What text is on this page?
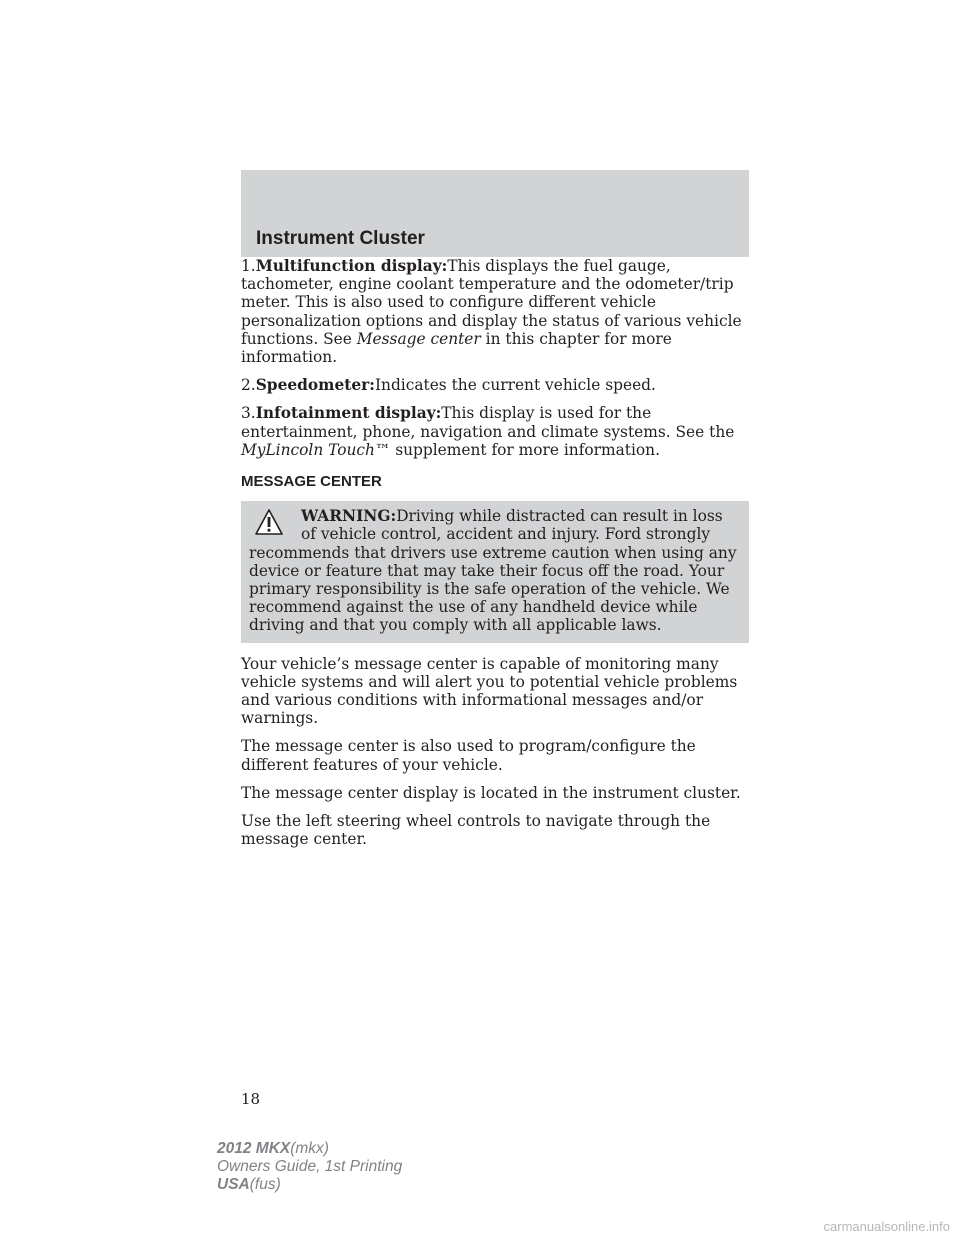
Instrument Cluster

1.Multifunction display:This displays the fuel gauge, tachometer, engine coolant temperature and the odometer/trip meter. This is also used to configure different vehicle personalization options and display the status of various vehicle functions. See Message center in this chapter for more information.

2.Speedometer:Indicates the current vehicle speed.

3.Infotainment display:This display is used for the entertainment, phone, navigation and climate systems. See the MyLincoln Touch™ supplement for more information.

MESSAGE CENTER
WARNING:Driving while distracted can result in loss of vehicle control, accident and injury. Ford strongly recommends that drivers use extreme caution when using any device or feature that may take their focus off the road. Your primary responsibility is the safe operation of the vehicle. We recommend against the use of any handheld device while driving and that you comply with all applicable laws.

Your vehicle’s message center is capable of monitoring many vehicle systems and will alert you to potential vehicle problems and various conditions with informational messages and/or warnings.

The message center is also used to program/configure the different features of your vehicle.

The message center display is located in the instrument cluster.

Use the left steering wheel controls to navigate through the message center.

18
2012 MKX(mkx)
Owners Guide, 1st Printing
USA(fus)
carmanualsonline.info
